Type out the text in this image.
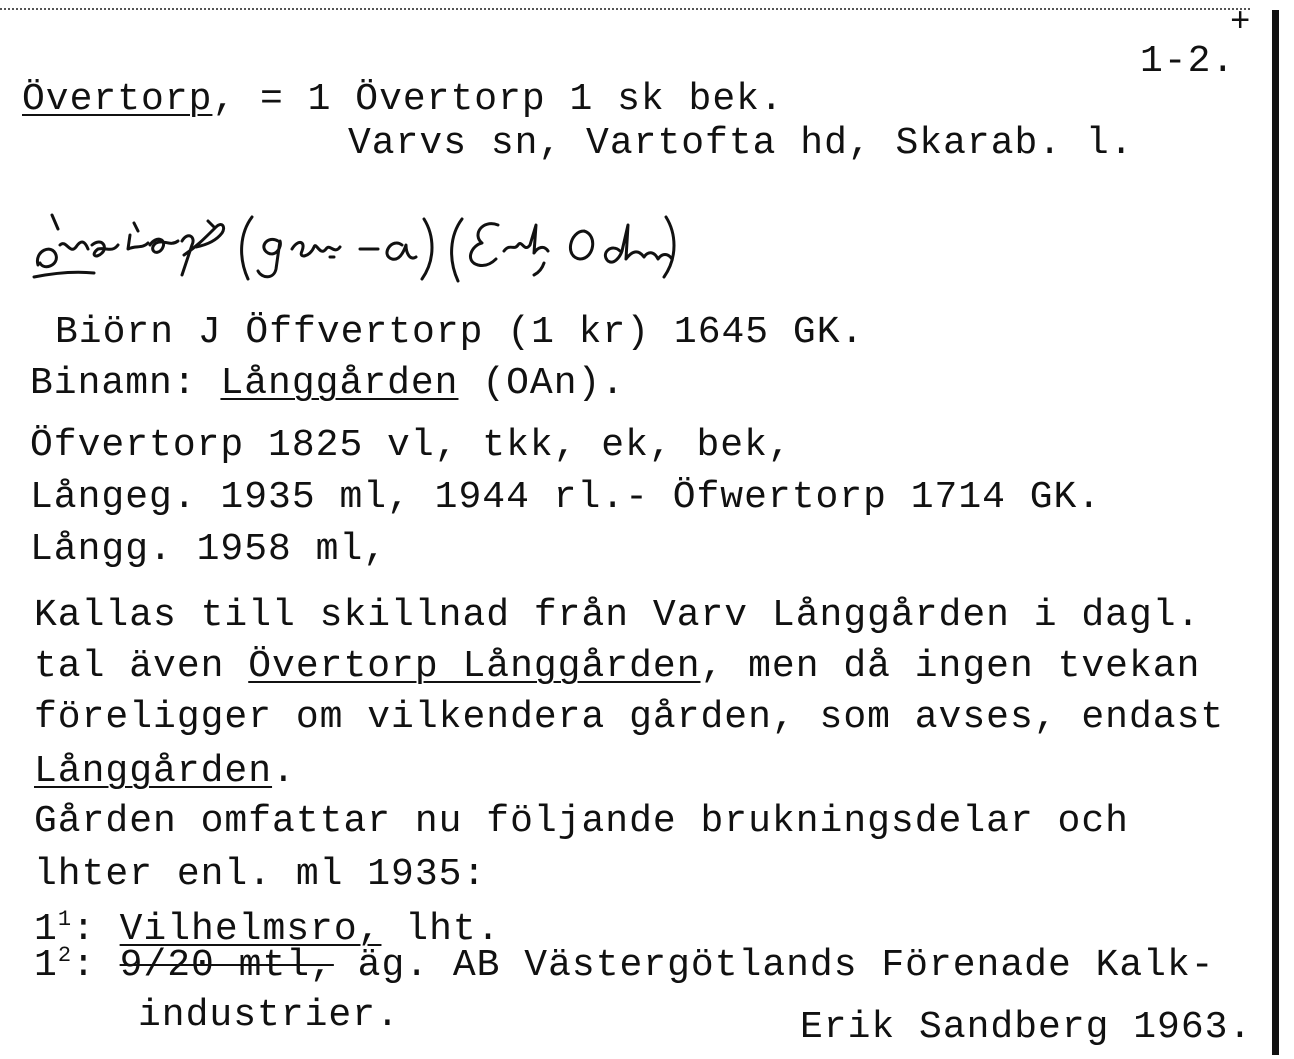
+
1-2.
Övertorp, = 1 Övertorp 1 sk bek.
Varvs sn, Vartofta hd, Skarab. l.
Biörn J Öffvertorp (1 kr) 1645 GK.
Binamn: Långgården (OAn).
Öfvertorp 1825 vl, tkk, ek, bek,
Långeg. 1935 ml, 1944 rl.- Öfwertorp 1714 GK.
Långg. 1958 ml,
Kallas till skillnad från Varv Långgården i dagl.
tal även Övertorp Långgården, men då ingen tvekan
föreligger om vilkendera gården, som avses, endast
Långgården.
Gården omfattar nu följande brukningsdelar och
lhter enl. ml 1935:
$1^1$: Vilhelmsro, lht.
$1^2$: 9/20 mtl, äg. AB Västergötlands Förenade Kalk-
industrier.	Erik Sandberg 1963.
